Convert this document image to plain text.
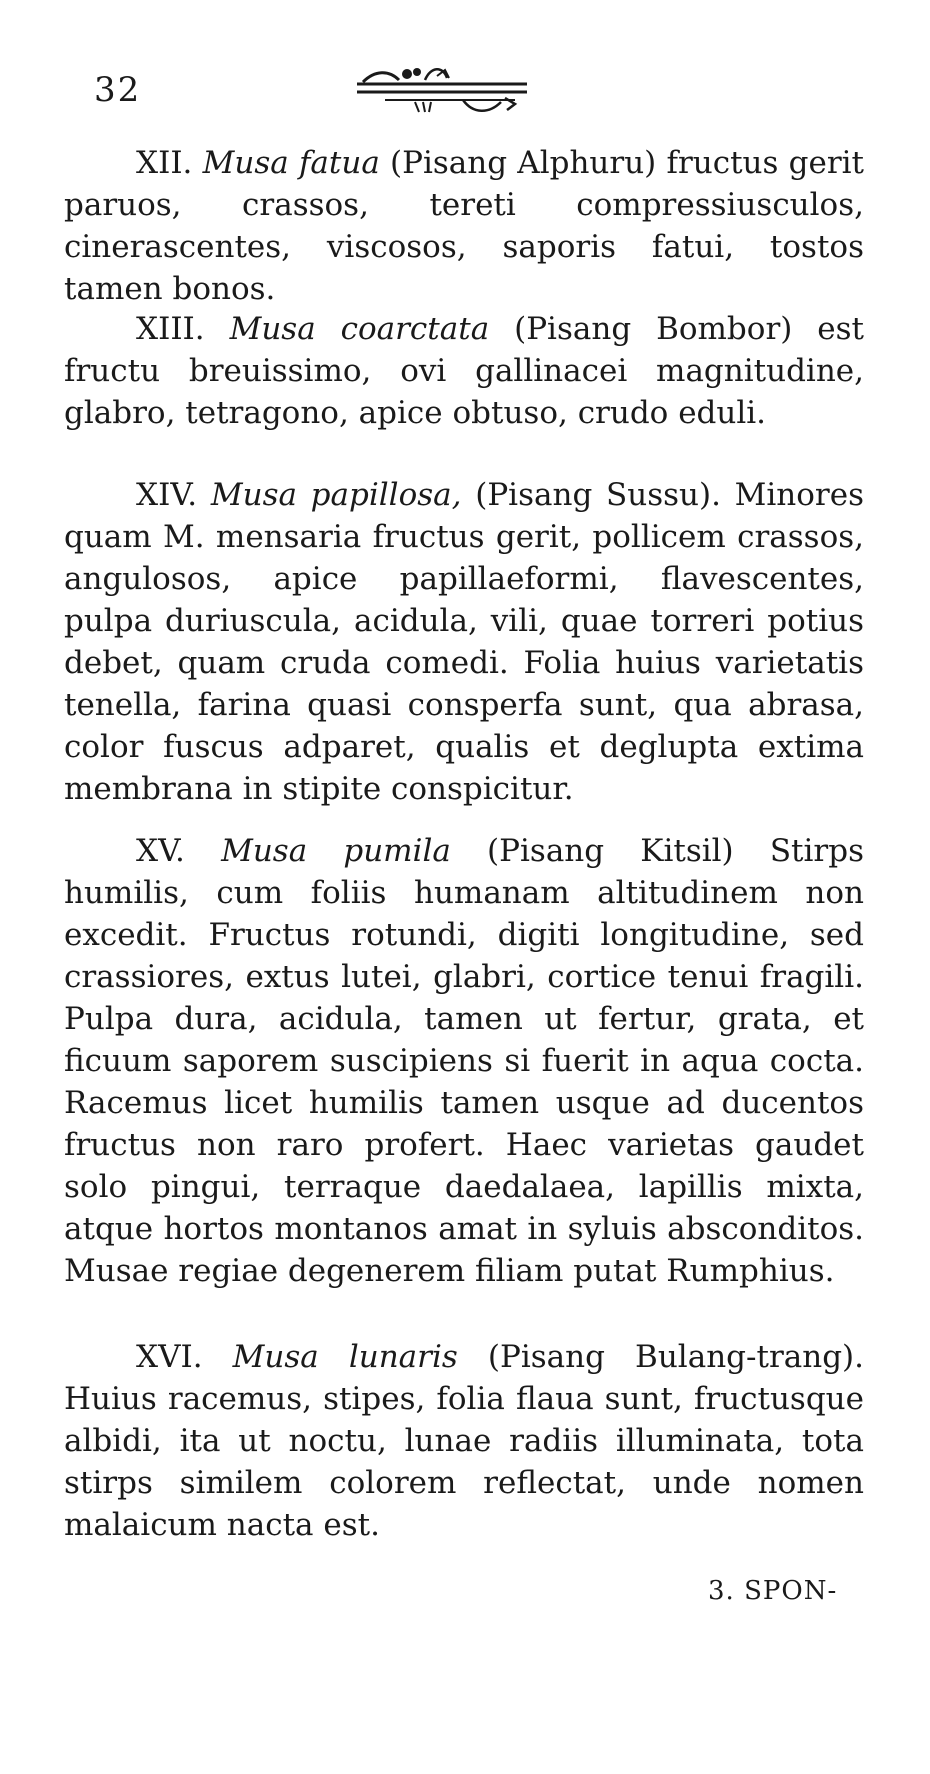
32

XII. Musa fatua (Pisang Alphuru) fructus gerit paruos, crassos, tereti compressiusculos, cinerascentes, viscosos, saporis fatui, tostos tamen bonos.

XIII. Musa coarctata (Pisang Bombor) est fructu breuissimo, ovi gallinacei magnitudine, glabro, tetragono, apice obtuso, crudo eduli.

XIV. Musa papillosa, (Pisang Sussu). Minores quam M. mensaria fructus gerit, pollicem crassos, angulosos, apice papillaeformi, flavescentes, pulpa duriuscula, acidula, vili, quae torreri potius debet, quam cruda comedi. Folia huius varietatis tenella, farina quasi consperfa sunt, qua abrasa, color fuscus adparet, qualis et deglupta extima membrana in stipite conspicitur.

XV. Musa pumila (Pisang Kitsil) Stirps humilis, cum foliis humanam altitudinem non excedit. Fructus rotundi, digiti longitudine, sed crassiores, extus lutei, glabri, cortice tenui fragili. Pulpa dura, acidula, tamen ut fertur, grata, et ficuum saporem suscipiens si fuerit in aqua cocta. Racemus licet humilis tamen usque ad ducentos fructus non raro profert. Haec varietas gaudet solo pingui, terraque daedalaea, lapillis mixta, atque hortos montanos amat in syluis absconditos. Musae regiae degenerem filiam putat Rumphius.

XVI. Musa lunaris (Pisang Bulang-trang). Huius racemus, stipes, folia flaua sunt, fructusque albidi, ita ut noctu, lunae radiis illuminata, tota stirps similem colorem reflectat, unde nomen malaicum nacta est.

3. SPON-
